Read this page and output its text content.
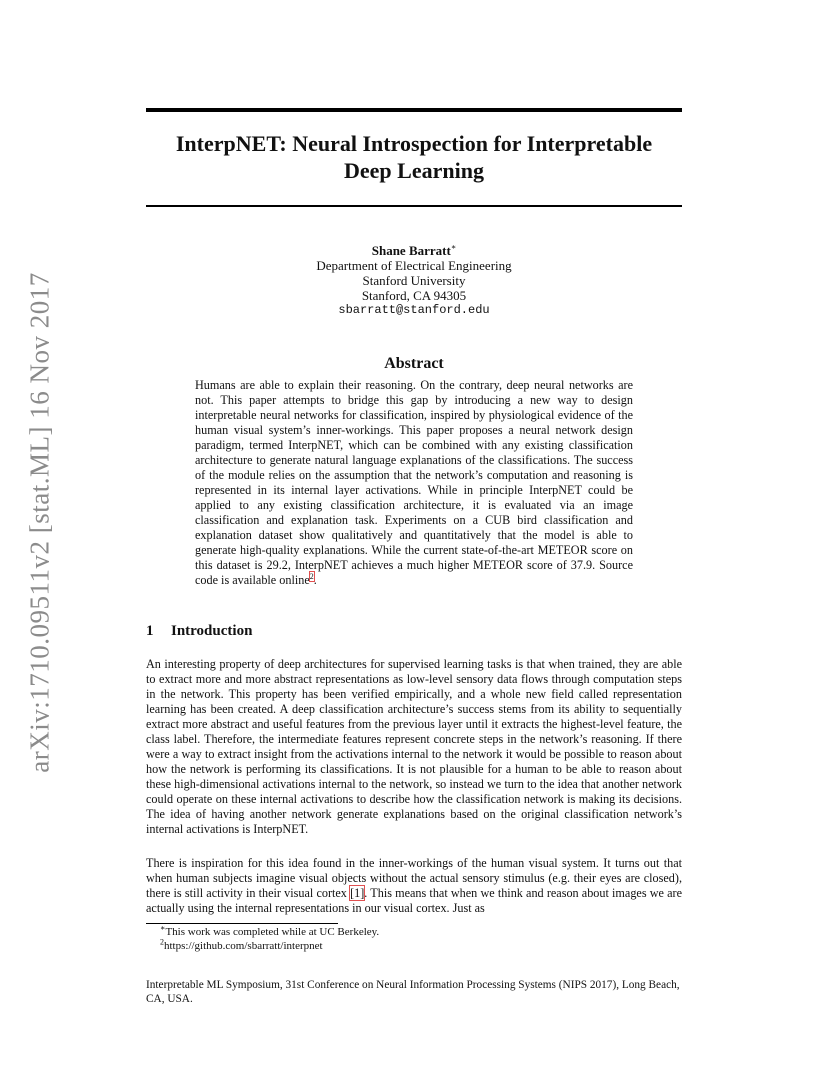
arXiv:1710.09511v2 [stat.ML] 16 Nov 2017
InterpNET: Neural Introspection for Interpretable
Deep Learning
Shane Barratt∗
Department of Electrical Engineering
Stanford University
Stanford, CA 94305
sbarratt@stanford.edu
Abstract
Humans are able to explain their reasoning. On the contrary, deep neural networks are not. This paper attempts to bridge this gap by introducing a new way to design interpretable neural networks for classification, inspired by physiological evidence of the human visual system’s inner-workings. This paper proposes a neural network design paradigm, termed InterpNET, which can be combined with any existing classification architecture to generate natural language explanations of the classifications. The success of the module relies on the assumption that the network’s computation and reasoning is represented in its internal layer activations. While in principle InterpNET could be applied to any existing classification architecture, it is evaluated via an image classification and explanation task. Experiments on a CUB bird classification and explanation dataset show qualitatively and quantitatively that the model is able to generate high-quality explanations. While the current state-of-the-art METEOR score on this dataset is 29.2, InterpNET achieves a much higher METEOR score of 37.9. Source code is available online$^2$.
1 Introduction
An interesting property of deep architectures for supervised learning tasks is that when trained, they are able to extract more and more abstract representations as low-level sensory data flows through computation steps in the network. This property has been verified empirically, and a whole new field called representation learning has been created. A deep classification architecture’s success stems from its ability to sequentially extract more abstract and useful features from the previous layer until it extracts the highest-level feature, the class label. Therefore, the intermediate features represent concrete steps in the network’s reasoning. If there were a way to extract insight from the activations internal to the network it would be possible to reason about how the network is performing its classifications. It is not plausible for a human to be able to reason about these high-dimensional activations internal to the network, so instead we turn to the idea that another network could operate on these internal activations to describe how the classification network is making its decisions. The idea of having another network generate explanations based on the original classification network’s internal activations is InterpNET.
There is inspiration for this idea found in the inner-workings of the human visual system. It turns out that when human subjects imagine visual objects without the actual sensory stimulus (e.g. their eyes are closed), there is still activity in their visual cortex [1]. This means that when we think and reason about images we are actually using the internal representations in our visual cortex. Just as
∗This work was completed while at UC Berkeley.
$^2$https://github.com/sbarratt/interpnet
Interpretable ML Symposium, 31st Conference on Neural Information Processing Systems (NIPS 2017), Long Beach, CA, USA.
